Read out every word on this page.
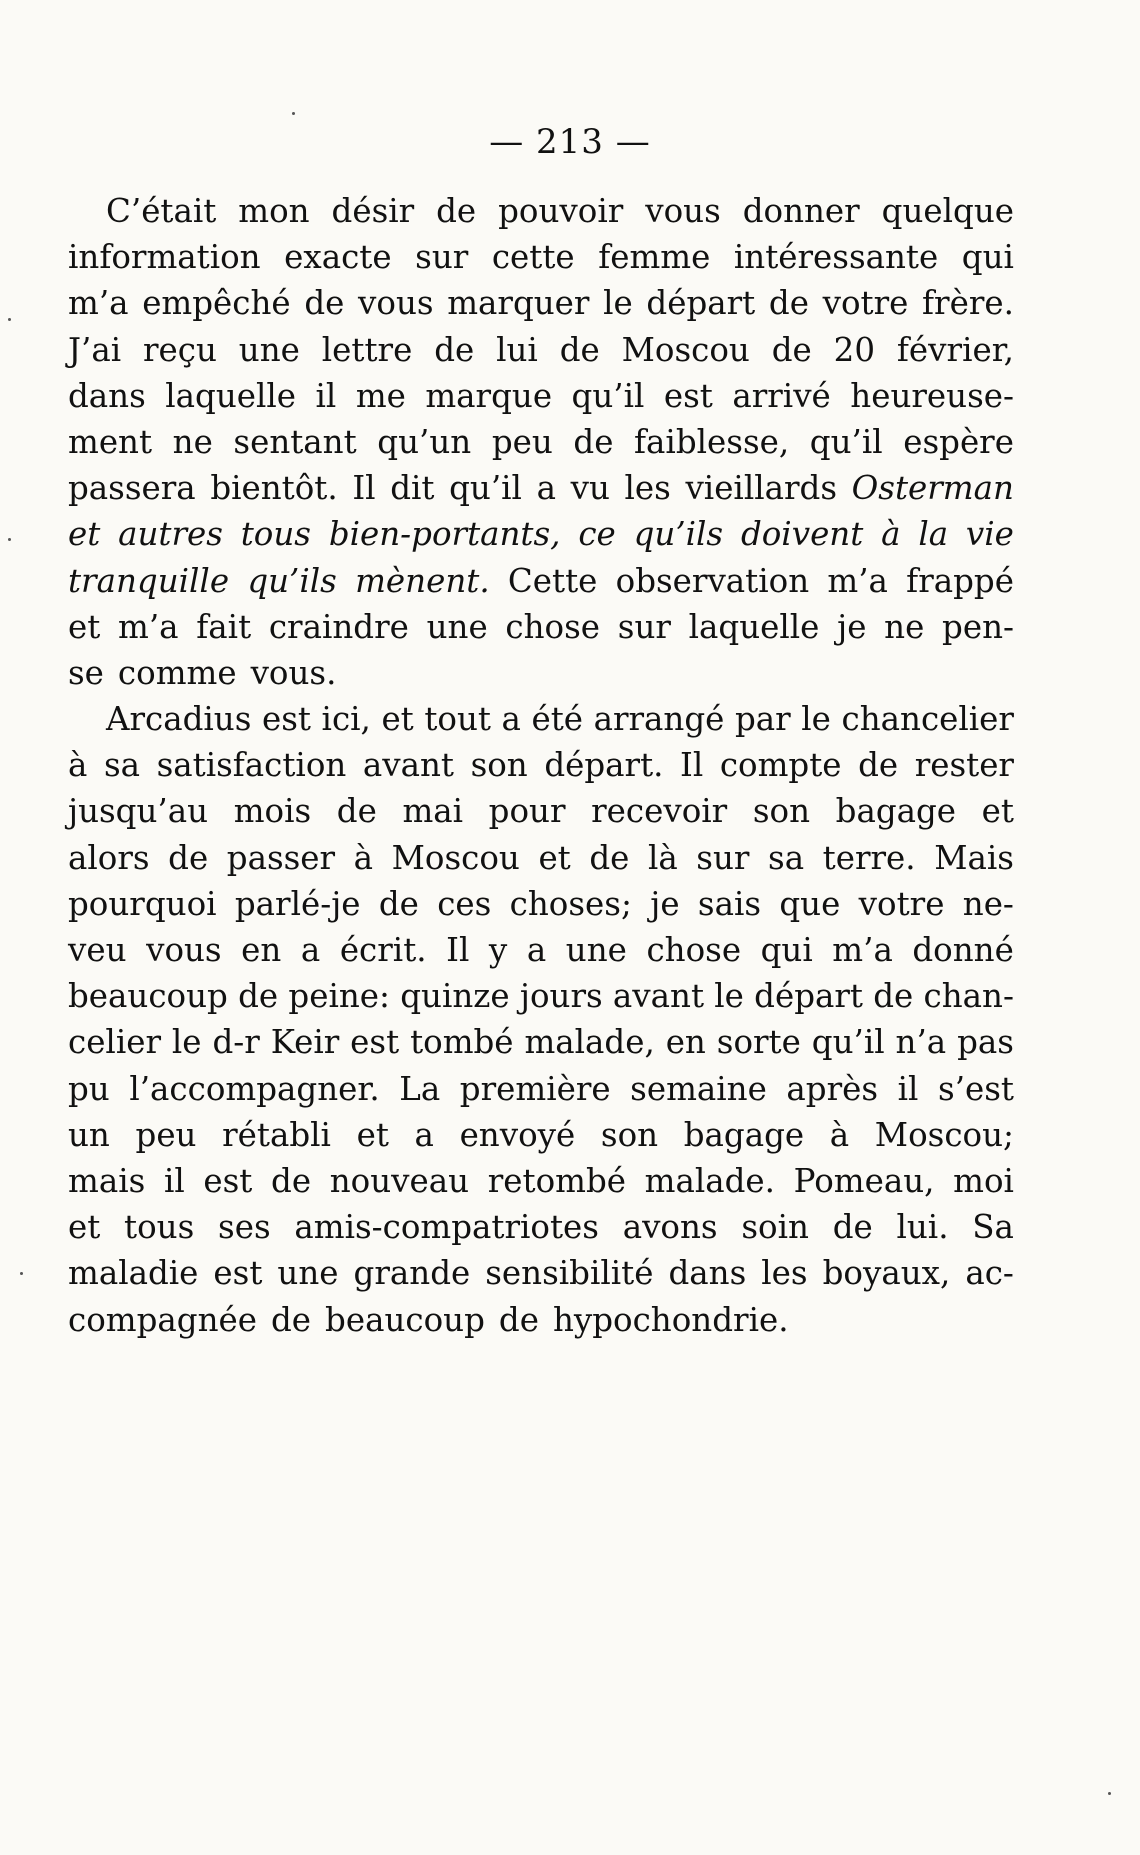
— 213 —
C’était mon désir de pouvoir vous donner quelque
information exacte sur cette femme intéressante qui
m’a empêché de vous marquer le départ de votre frère.
J’ai reçu une lettre de lui de Moscou de 20 février,
dans laquelle il me marque qu’il est arrivé heureuse-
ment ne sentant qu’un peu de faiblesse, qu’il espère
passera bientôt. Il dit qu’il a vu les vieillards Osterman
et autres tous bien-portants, ce qu’ils doivent à la vie
tranquille qu’ils mènent. Cette observation m’a frappé
et m’a fait craindre une chose sur laquelle je ne pen-
se comme vous.
Arcadius est ici, et tout a été arrangé par le chancelier
à sa satisfaction avant son départ. Il compte de rester
jusqu’au mois de mai pour recevoir son bagage et
alors de passer à Moscou et de là sur sa terre. Mais
pourquoi parlé-je de ces choses; je sais que votre ne-
veu vous en a écrit. Il y a une chose qui m’a donné
beaucoup de peine: quinze jours avant le départ de chan-
celier le d-r Keir est tombé malade, en sorte qu’il n’a pas
pu l’accompagner. La première semaine après il s’est
un peu rétabli et a envoyé son bagage à Moscou;
mais il est de nouveau retombé malade. Pomeau, moi
et tous ses amis-compatriotes avons soin de lui. Sa
maladie est une grande sensibilité dans les boyaux, ac-
compagnée de beaucoup de hypochondrie.
